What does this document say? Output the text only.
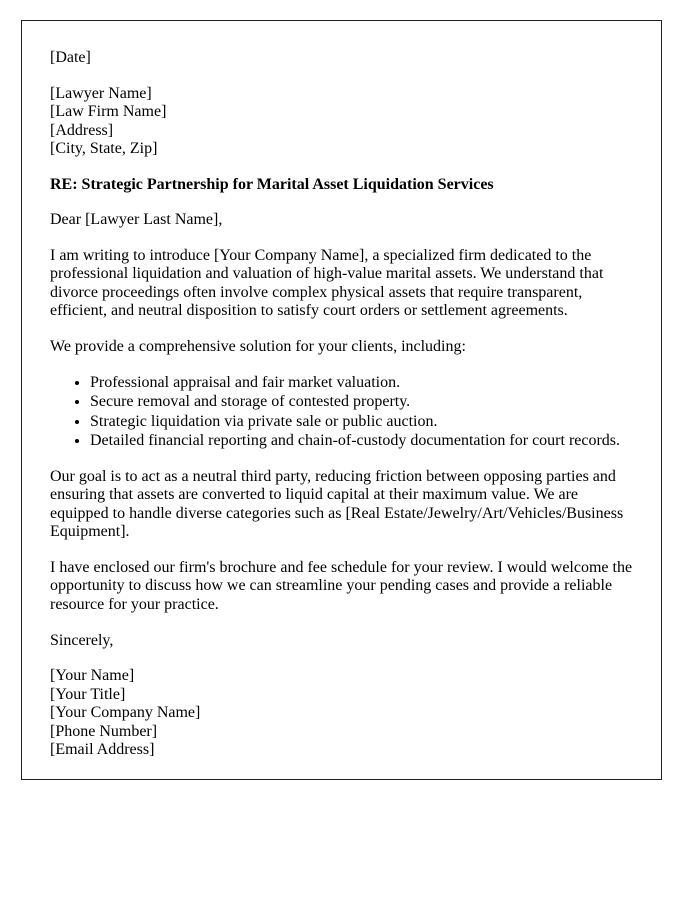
[Date]

[Lawyer Name]
[Law Firm Name]
[Address]
[City, State, Zip]

RE: Strategic Partnership for Marital Asset Liquidation Services

Dear [Lawyer Last Name],

I am writing to introduce [Your Company Name], a specialized firm dedicated to the professional liquidation and valuation of high-value marital assets. We understand that divorce proceedings often involve complex physical assets that require transparent, efficient, and neutral disposition to satisfy court orders or settlement agreements.

We provide a comprehensive solution for your clients, including:

• Professional appraisal and fair market valuation.
• Secure removal and storage of contested property.
• Strategic liquidation via private sale or public auction.
• Detailed financial reporting and chain-of-custody documentation for court records.

Our goal is to act as a neutral third party, reducing friction between opposing parties and ensuring that assets are converted to liquid capital at their maximum value. We are equipped to handle diverse categories such as [Real Estate/Jewelry/Art/Vehicles/Business Equipment].

I have enclosed our firm's brochure and fee schedule for your review. I would welcome the opportunity to discuss how we can streamline your pending cases and provide a reliable resource for your practice.

Sincerely,

[Your Name]
[Your Title]
[Your Company Name]
[Phone Number]
[Email Address]
